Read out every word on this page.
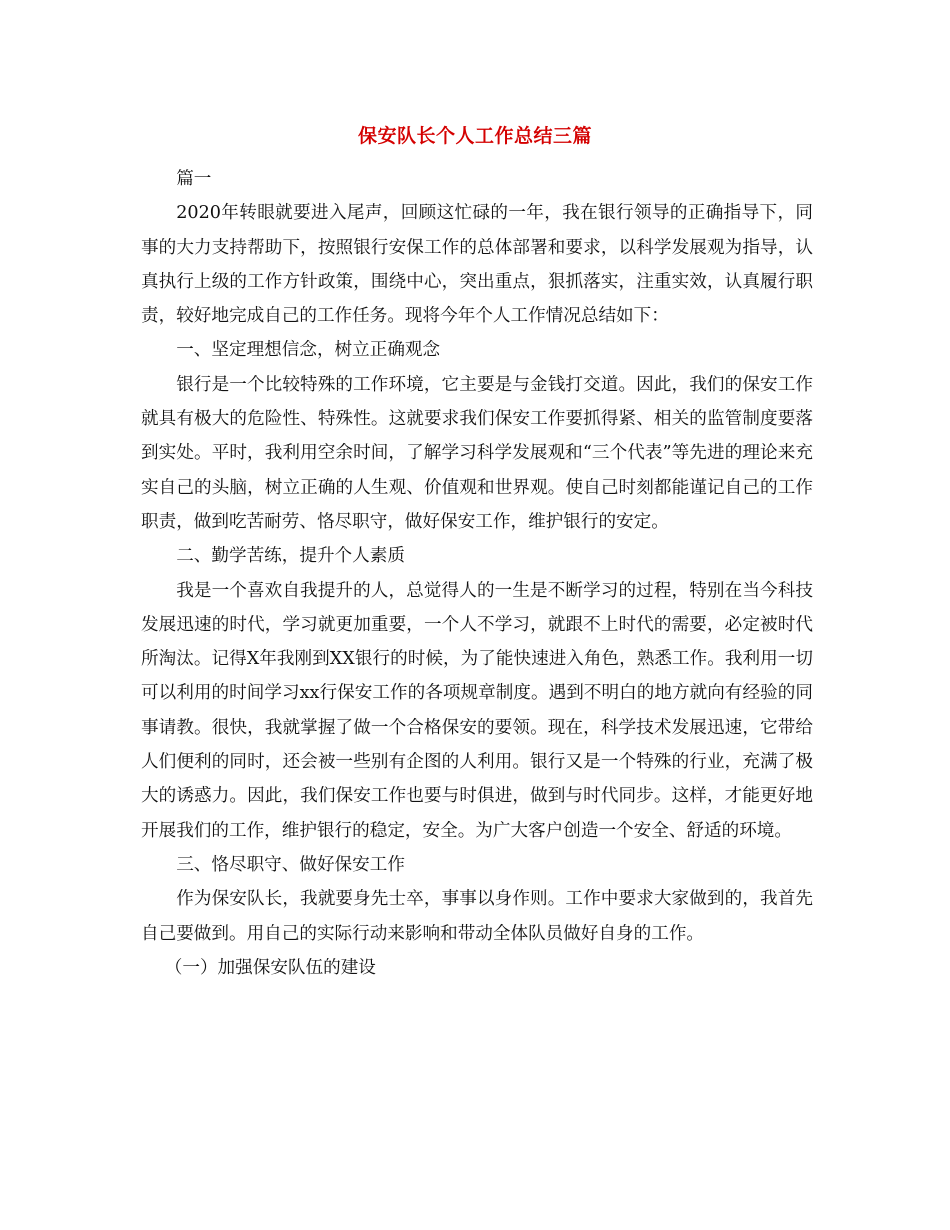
保安队长个人工作总结三篇

篇一

2020年转眼就要进入尾声，回顾这忙碌的一年，我在银行领导的正确指导下，同事的大力支持帮助下，按照银行安保工作的总体部署和要求，以科学发展观为指导，认真执行上级的工作方针政策，围绕中心，突出重点，狠抓落实，注重实效，认真履行职责，较好地完成自己的工作任务。现将今年个人工作情况总结如下：

一、坚定理想信念，树立正确观念

银行是一个比较特殊的工作环境，它主要是与金钱打交道。因此，我们的保安工作就具有极大的危险性、特殊性。这就要求我们保安工作要抓得紧、相关的监管制度要落到实处。平时，我利用空余时间，了解学习科学发展观和“三个代表”等先进的理论来充实自己的头脑，树立正确的人生观、价值观和世界观。使自己时刻都能谨记自己的工作职责，做到吃苦耐劳、恪尽职守，做好保安工作，维护银行的安定。

二、勤学苦练，提升个人素质

我是一个喜欢自我提升的人，总觉得人的一生是不断学习的过程，特别在当今科技发展迅速的时代，学习就更加重要，一个人不学习，就跟不上时代的需要，必定被时代所淘汰。记得X年我刚到XX银行的时候，为了能快速进入角色，熟悉工作。我利用一切可以利用的时间学习xx行保安工作的各项规章制度。遇到不明白的地方就向有经验的同事请教。很快，我就掌握了做一个合格保安的要领。现在，科学技术发展迅速，它带给人们便利的同时，还会被一些别有企图的人利用。银行又是一个特殊的行业，充满了极大的诱惑力。因此，我们保安工作也要与时俱进，做到与时代同步。这样，才能更好地开展我们的工作，维护银行的稳定，安全。为广大客户创造一个安全、舒适的环境。

三、恪尽职守、做好保安工作

作为保安队长，我就要身先士卒，事事以身作则。工作中要求大家做到的，我首先自己要做到。用自己的实际行动来影响和带动全体队员做好自身的工作。

（一）加强保安队伍的建设
